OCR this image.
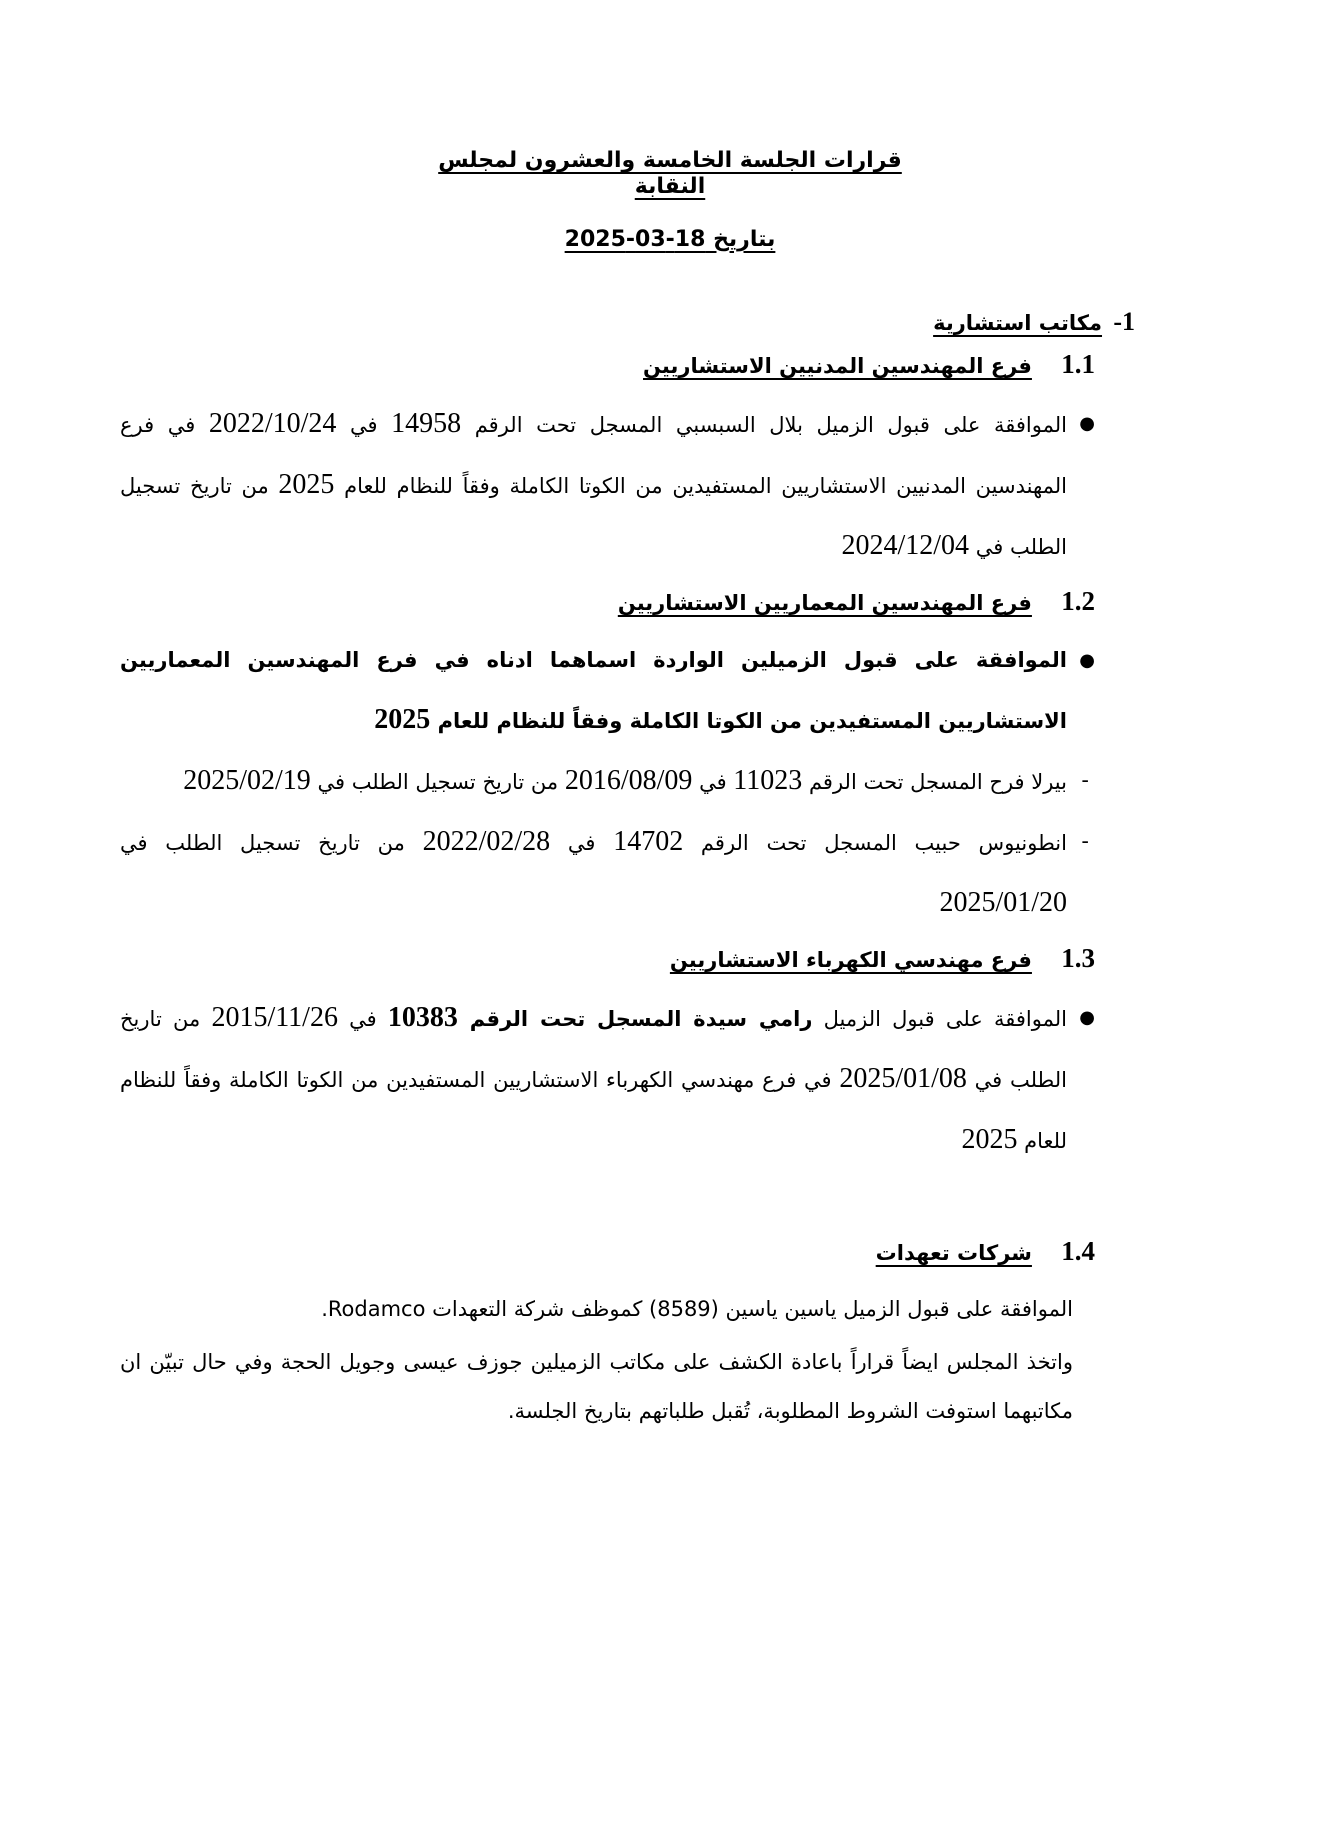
قرارات الجلسة الخامسة والعشرون لمجلس النقابة

بتاريخ 18-03-2025

1- مكاتب استشارية

1.1 فرع المهندسين المدنيين الاستشاريين

●
الموافقة على قبول الزميل بلال السبسبي المسجل تحت الرقم 14958 في 2022/10/24 في فرع المهندسين المدنيين الاستشاريين المستفيدين من الكوتا الكاملة وفقاً للنظام للعام 2025 من تاريخ تسجيل الطلب في 2024/12/04

1.2 فرع المهندسين المعماريين الاستشاريين

●
الموافقة على قبول الزميلين الواردة اسماهما ادناه في فرع المهندسين المعماريين الاستشاريين المستفيدين من الكوتا الكاملة وفقاً للنظام للعام 2025

-
بيرلا فرح المسجل تحت الرقم 11023 في 2016/08/09 من تاريخ تسجيل الطلب في 2025/02/19

-
انطونيوس حبيب المسجل تحت الرقم 14702 في 2022/02/28 من تاريخ تسجيل الطلب في 2025/01/20

1.3 فرع مهندسي الكهرباء الاستشاريين

●
الموافقة على قبول الزميل رامي سيدة المسجل تحت الرقم 10383 في 2015/11/26 من تاريخ الطلب في 2025/01/08 في فرع مهندسي الكهرباء الاستشاريين المستفيدين من الكوتا الكاملة وفقاً للنظام للعام 2025

1.4 شركات تعهدات

الموافقة على قبول الزميل ياسين ياسين (8589) كموظف شركة التعهدات Rodamco.

واتخذ المجلس ايضاً قراراً باعادة الكشف على مكاتب الزميلين جوزف عيسى وجويل الحجة وفي حال تبيّن ان مكاتبهما استوفت الشروط المطلوبة، تُقبل طلباتهم بتاريخ الجلسة.
